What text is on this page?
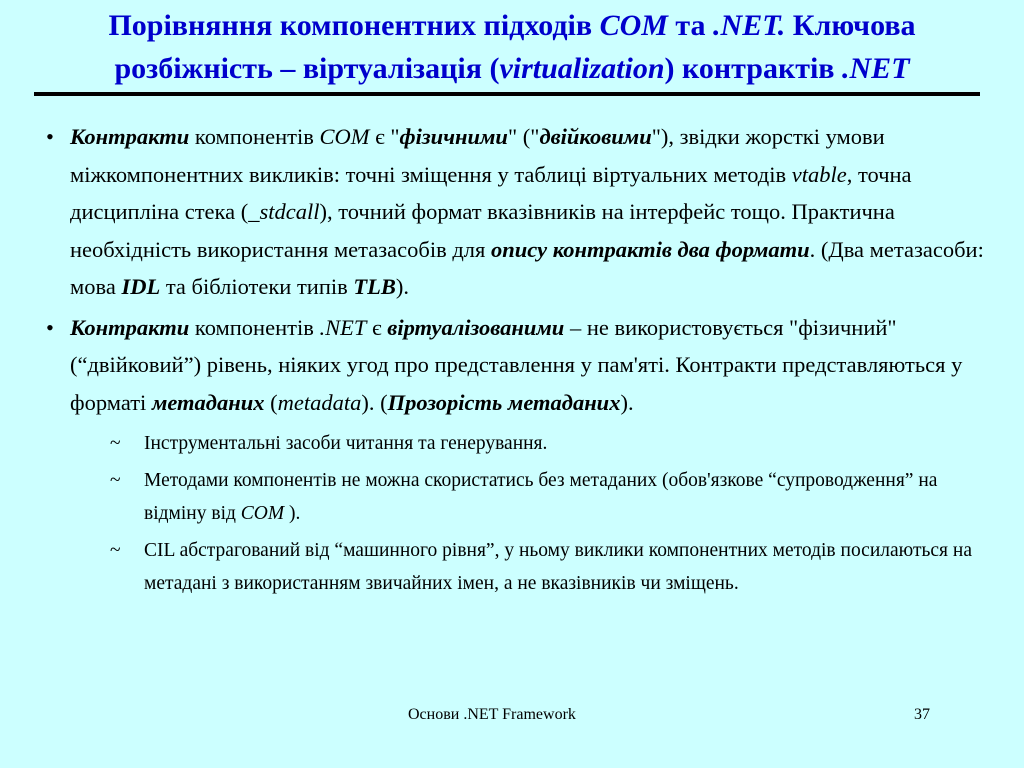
Порівняння компонентних підходів COM та .NET. Ключова розбіжність – віртуалізація (virtualization) контрактів .NET
• Контракти компонентів COM є "фізичними" ("двійковими"), звідки жорсткі умови міжкомпонентних викликів: точні зміщення у таблиці віртуальних методів vtable, точна дисципліна стека (_stdcall), точний формат вказівників на інтерфейс тощо. Практична необхідність використання метазасобів для опису контрактів два формати. (Два метазасоби: мова IDL та бібліотеки типів TLB).
• Контракти компонентів .NET є віртуалізованими – не використовується "фізичний" (“двійковий”) рівень, ніяких угод про представлення у пам'яті. Контракти представляються у форматі метаданих (metadata). (Прозорість метаданих).
~ Інструментальні засоби читання та генерування.
~ Методами компонентів не можна скористатись без метаданих (обов'язкове “супроводження” на відміну від COM ).
~ CIL абстрагований від “машинного рівня”, у ньому виклики компонентних методів посилаються на метадані з використанням звичайних імен, а не вказівників чи зміщень.
Основи .NET Framework	37
